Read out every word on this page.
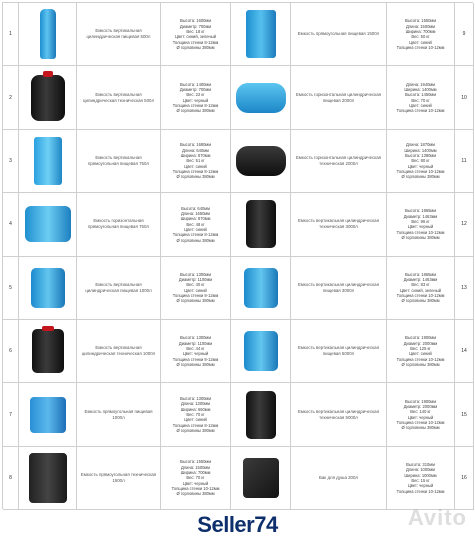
1
Емкость вертикальная цилиндрическая пищевая 500л
Высота: 1600мм
Диаметр: 700мм
Вес: 18 кг
Цвет: синий, зеленый
Толщина стенки 8-12мм
Ø горловины 380мм
Емкость прямоугольная пищевая 1500л
Высота: 1550мм
Длина: 1500мм
Ширина: 700мм
Вес: 50 кг
Цвет: синий
Толщина стенки 10-12мм
9
2
Емкость вертикальная цилиндрическая техническая 500л
Высота: 1400мм
Диаметр: 700мм
Вес: 22 кг
Цвет: черный
Толщина стенки 8-12мм
Ø горловины 380мм
Емкость горизонтальная цилиндрическая пищевая 2000л
Длина: 1940мм
Ширина: 1400мм
Высота: 1450мм
Вес: 70 кг
Цвет: синий
Толщина стенки 10-12мм
10
3
Емкость вертикальная прямоугольная пищевая 750л
Высота: 1680мм
Длина: 640мм
Ширина: 870мм
Вес: 51 кг
Цвет: синий
Толщина стенки 8-12мм
Ø горловины 380мм
Емкость горизонтальная цилиндрическая техническая 2000л
Длина: 1870мм
Ширина: 1400мм
Высота: 1390мм
Вес: 80 кг
Цвет: черный
Толщина стенки 10-12мм
Ø горловины 380мм
11
4
Емкость горизонтальная прямоугольная пищевая 750л
Высота: 640мм
Длина: 1650мм
Ширина: 870мм
Вес: 48 кг
Цвет: синий
Толщина стенки 8-12мм
Ø горловины 380мм
Емкость вертикальная цилиндрическая техническая 3000л
Высота: 1865мм
Диаметр: 1463мм
Вес: 96 кг
Цвет: черный
Толщина стенки 10-12мм
Ø горловины 380мм
12
5
Емкость вертикальная цилиндрическая пищевая 1000л
Высота: 1300мм
Диаметр: 1100мм
Вес: 40 кг
Цвет: синий
Толщина стенки 8-12мм
Ø горловины 380мм
Емкость вертикальная цилиндрическая пищевая 3000л
Высота: 1865мм
Диаметр: 1463мм
Вес: 83 кг
Цвет: синий, зеленый
Толщина стенки 10-12мм
Ø горловины 380мм
13
6
Емкость вертикальная цилиндрическая техническая 1000л
Высота: 1300мм
Диаметр: 1100мм
Вес: 44 кг
Цвет: черный
Толщина стенки 8-12мм
Ø горловины 380мм
Емкость вертикальная цилиндрическая пищевая 5000л
Высота: 1900мм
Диаметр: 2000мм
Вес: 125 кг
Цвет: синий
Толщина стенки 10-12мм
Ø горловины 380мм
14
7
Емкость прямоугольная пищевая 1000л
Высота: 1300мм
Длина: 1300мм
Ширина: 660мм
Вес: 70 кг
Цвет: синий
Толщина стенки 8-12мм
Ø горловины 380мм
Емкость вертикальная цилиндрическая техническая 5000л
Высота: 1900мм
Диаметр: 2000мм
Вес: 140 кг
Цвет: черный
Толщина стенки 10-12мм
Ø горловины 380мм
15
8
Емкость прямоугольная техническая 1500л
Высота: 1550мм
Длина: 1500мм
Ширина: 700мм
Вес: 70 кг
Цвет: черный
Толщина стенки 10-12мм
Ø горловины 380мм
Бак для душа 200л
Высота: 310мм
Длина: 1000мм
Ширина: 1000мм
Вес: 15 кг
Цвет: черный
Толщина стенки 10-12мм
16
Seller74	Avito
